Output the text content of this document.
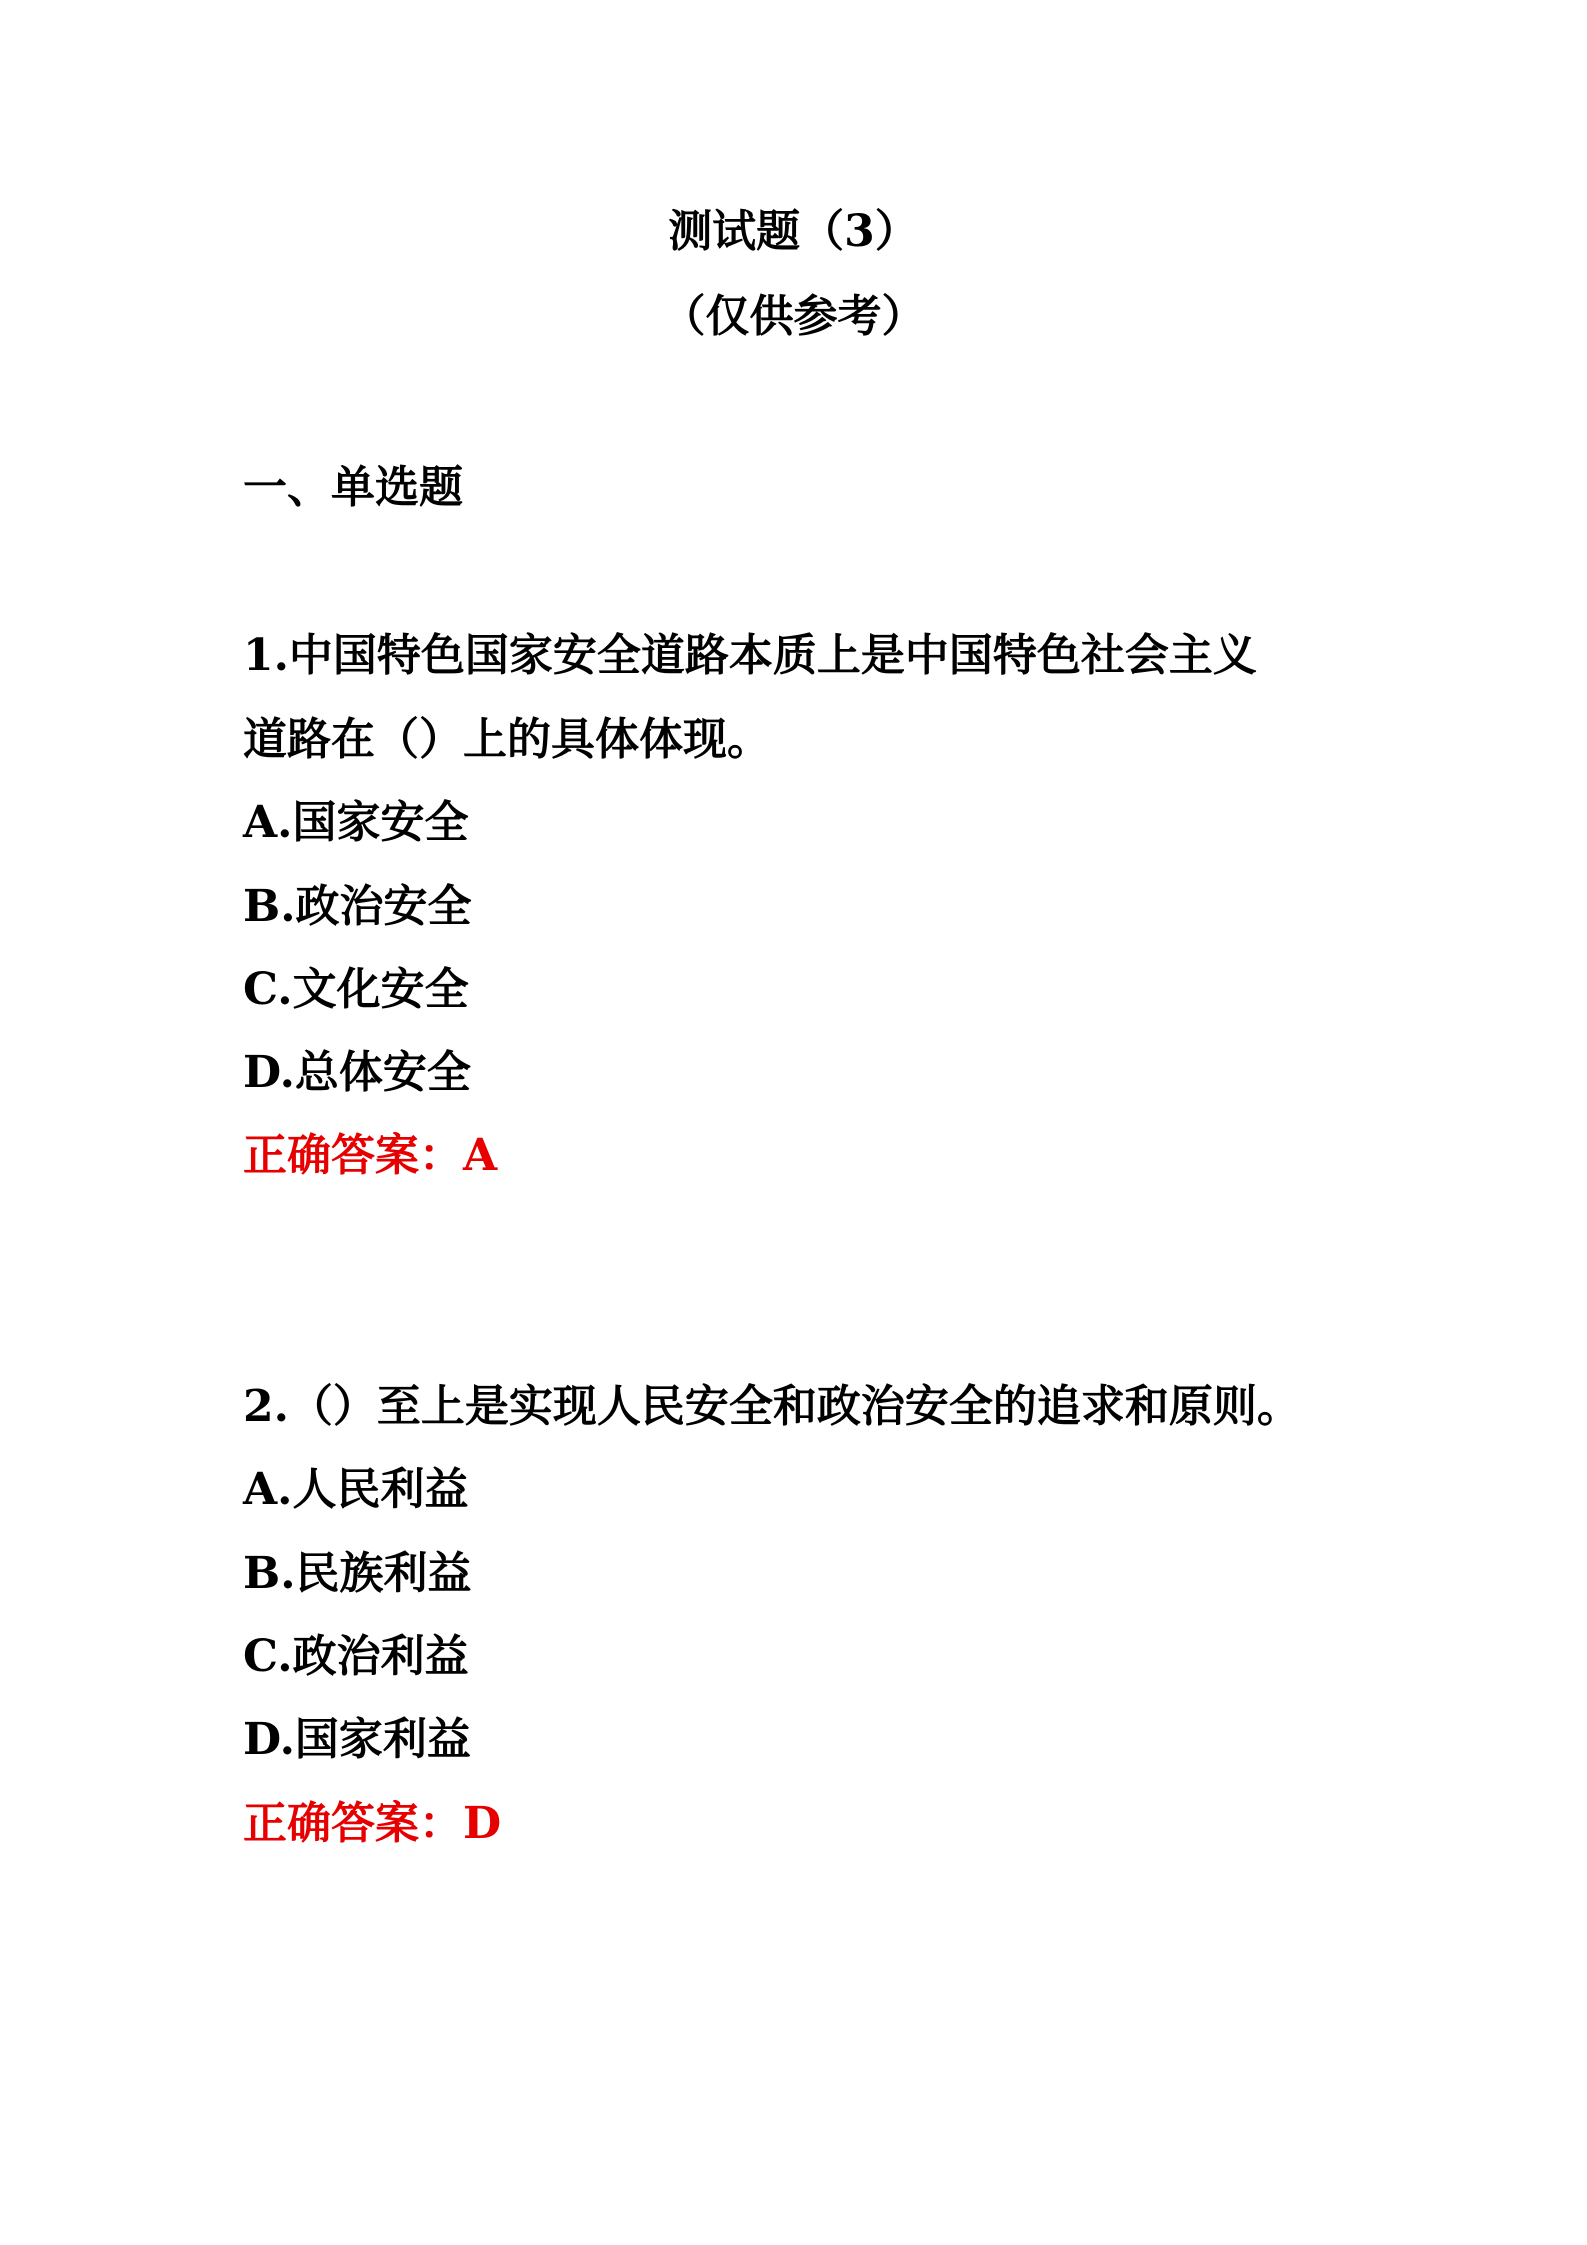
测试题（3）
（仅供参考）
一、单选题
1.中国特色国家安全道路本质上是中国特色社会主义
道路在（）上的具体体现。
A.国家安全
B.政治安全
C.文化安全
D.总体安全
正确答案：A
2.（）至上是实现人民安全和政治安全的追求和原则。
A.人民利益
B.民族利益
C.政治利益
D.国家利益
正确答案：D
